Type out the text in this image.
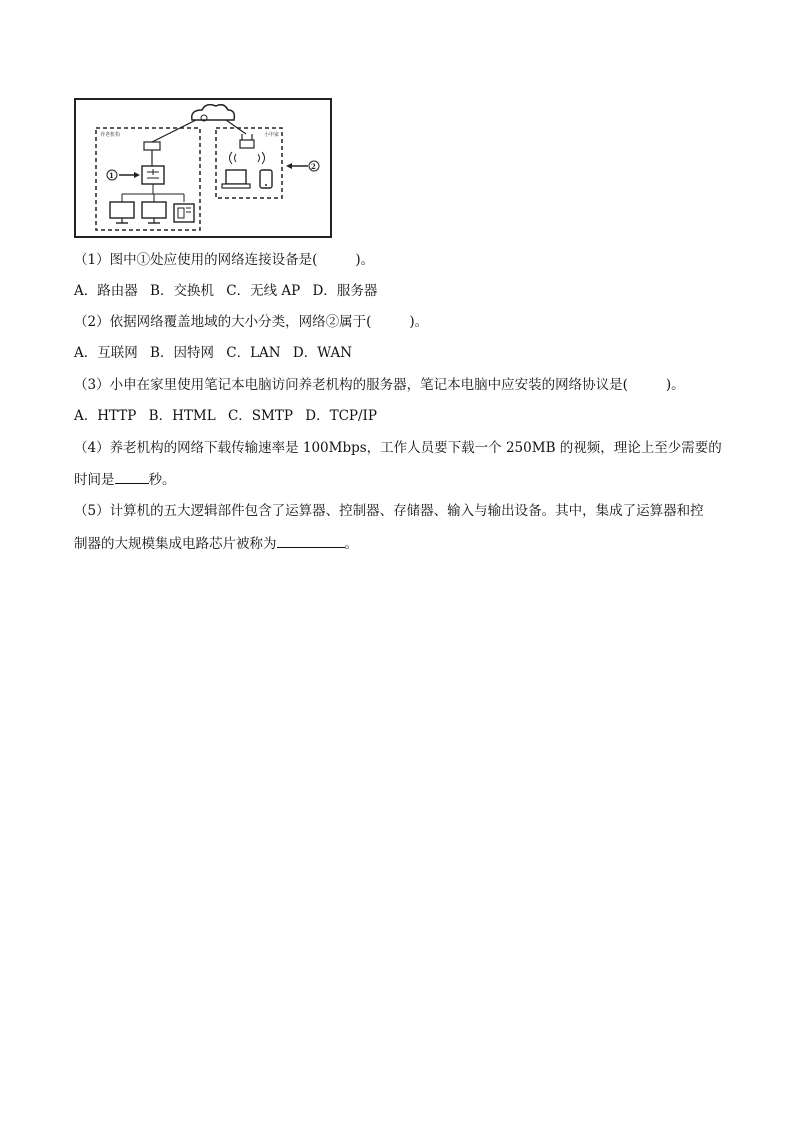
养老机构
1
小申家
2
（1）图中①处应使用的网络连接设备是(	)。
A．路由器 B．交换机 C．无线 AP D．服务器
（2）依据网络覆盖地域的大小分类，网络②属于(	)。
A．互联网 B．因特网 C．LAN D．WAN
（3）小申在家里使用笔记本电脑访问养老机构的服务器，笔记本电脑中应安装的网络协议是(	)。
A．HTTP B．HTML C．SMTP D．TCP/IP
（4）养老机构的网络下载传输速率是 100Mbps，工作人员要下载一个 250MB 的视频，理论上至少需要的
时间是	秒。
（5）计算机的五大逻辑部件包含了运算器、控制器、存储器、输入与输出设备。其中，集成了运算器和控
制器的大规模集成电路芯片被称为	。
